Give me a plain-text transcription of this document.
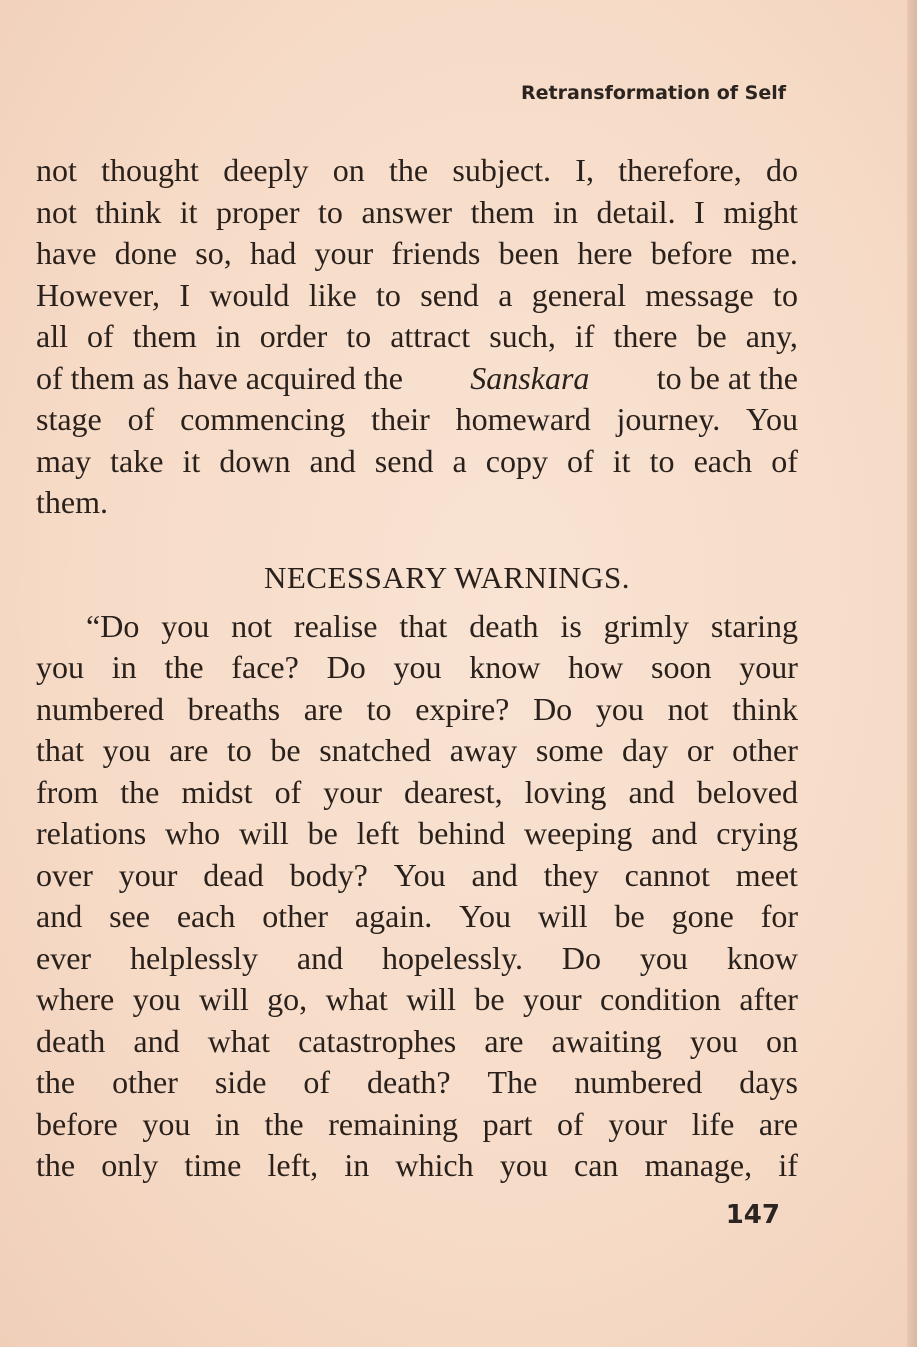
Retransformation of Self
not thought deeply on the subject. I, therefore, do
not think it proper to answer them in detail. I might
have done so, had your friends been here before me.
However, I would like to send a general message to
all of them in order to attract such, if there be any,
of them as have acquired the Sanskara to be at the
stage of commencing their homeward journey. You
may take it down and send a copy of it to each of
them.
NECESSARY WARNINGS.
“Do you not realise that death is grimly staring
you in the face? Do you know how soon your
numbered breaths are to expire? Do you not think
that you are to be snatched away some day or other
from the midst of your dearest, loving and beloved
relations who will be left behind weeping and crying
over your dead body? You and they cannot meet
and see each other again. You will be gone for
ever helplessly and hopelessly. Do you know
where you will go, what will be your condition after
death and what catastrophes are awaiting you on
the other side of death? The numbered days
before you in the remaining part of your life are
the only time left, in which you can manage, if
147
